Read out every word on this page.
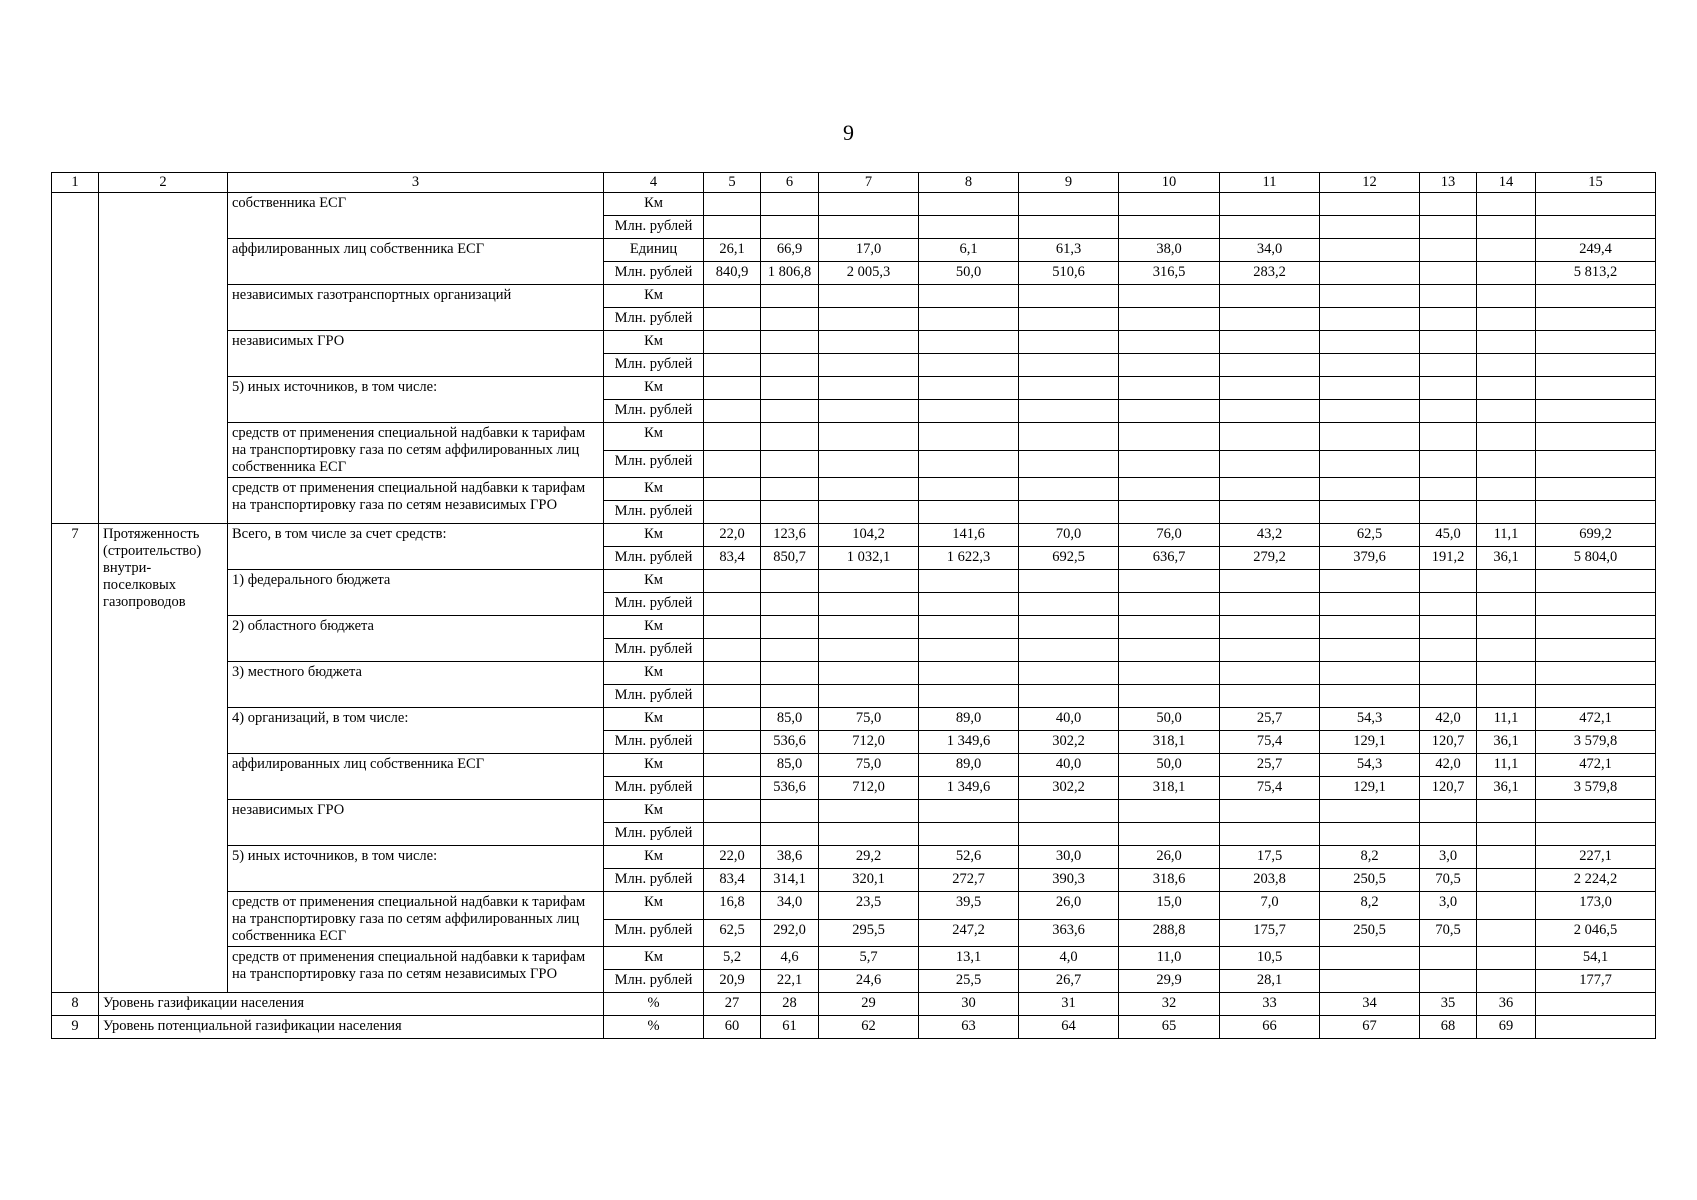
9
1	2	3	4	5	6	7	8	9	10	11	12	13	14	15
		собственника ЕСГ	Км											
			Млн. рублей											
		аффилированных лиц собственника ЕСГ	Единиц	26,1	66,9	17,0	6,1	61,3	38,0	34,0				249,4
			Млн. рублей	840,9	1 806,8	2 005,3	50,0	510,6	316,5	283,2				5 813,2
		независимых газотранспортных организаций	Км											
			Млн. рублей											
		независимых ГРО	Км											
			Млн. рублей											
		5) иных источников, в том числе:	Км											
			Млн. рублей											
		средств от применения специальной надбавки к тарифам на транспортировку газа по сетям аффилированных лиц собственника ЕСГ	Км											
			Млн. рублей											
		средств от применения специальной надбавки к тарифам на транспортировку газа по сетям независимых ГРО	Км											
			Млн. рублей											
7	Протяженность (строительство) внутри-поселковых газопроводов	Всего, в том числе за счет средств:	Км	22,0	123,6	104,2	141,6	70,0	76,0	43,2	62,5	45,0	11,1	699,2
			Млн. рублей	83,4	850,7	1 032,1	1 622,3	692,5	636,7	279,2	379,6	191,2	36,1	5 804,0
		1) федерального бюджета	Км											
			Млн. рублей											
		2) областного бюджета	Км											
			Млн. рублей											
		3) местного бюджета	Км											
			Млн. рублей											
		4) организаций, в том числе:	Км		85,0	75,0	89,0	40,0	50,0	25,7	54,3	42,0	11,1	472,1
			Млн. рублей		536,6	712,0	1 349,6	302,2	318,1	75,4	129,1	120,7	36,1	3 579,8
		аффилированных лиц собственника ЕСГ	Км		85,0	75,0	89,0	40,0	50,0	25,7	54,3	42,0	11,1	472,1
			Млн. рублей		536,6	712,0	1 349,6	302,2	318,1	75,4	129,1	120,7	36,1	3 579,8
		независимых ГРО	Км											
			Млн. рублей											
		5) иных источников, в том числе:	Км	22,0	38,6	29,2	52,6	30,0	26,0	17,5	8,2	3,0		227,1
			Млн. рублей	83,4	314,1	320,1	272,7	390,3	318,6	203,8	250,5	70,5		2 224,2
		средств от применения специальной надбавки к тарифам на транспортировку газа по сетям аффилированных лиц собственника ЕСГ	Км	16,8	34,0	23,5	39,5	26,0	15,0	7,0	8,2	3,0		173,0
			Млн. рублей	62,5	292,0	295,5	247,2	363,6	288,8	175,7	250,5	70,5		2 046,5
		средств от применения специальной надбавки к тарифам на транспортировку газа по сетям независимых ГРО	Км	5,2	4,6	5,7	13,1	4,0	11,0	10,5				54,1
			Млн. рублей	20,9	22,1	24,6	25,5	26,7	29,9	28,1				177,7
8	Уровень газификации населения		%	27	28	29	30	31	32	33	34	35	36	
9	Уровень потенциальной газификации населения		%	60	61	62	63	64	65	66	67	68	69	
